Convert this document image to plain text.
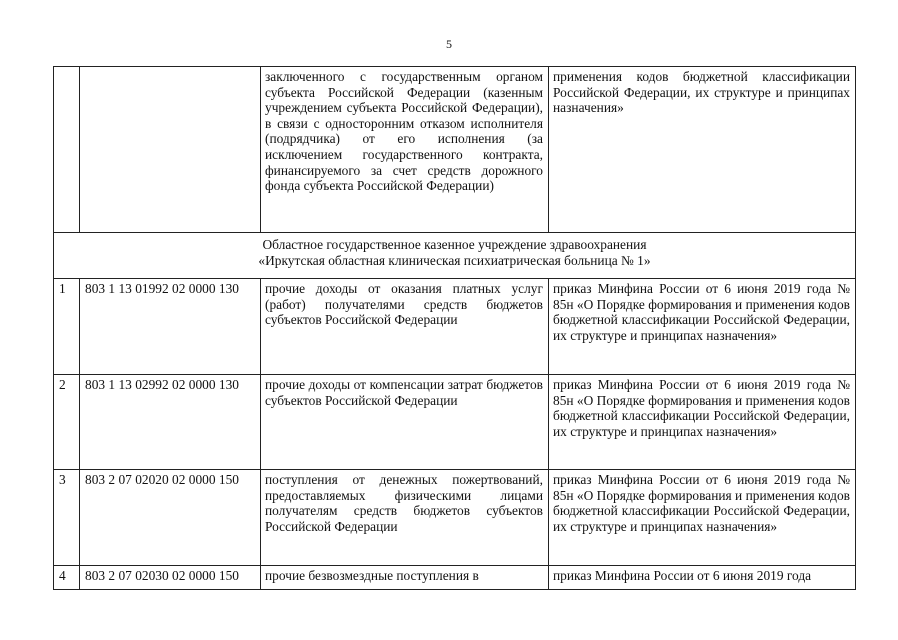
5
		заключенного с государственным органом субъекта Российской Федерации (казенным учреждением субъекта Российской Федерации), в связи с односторонним отказом исполнителя (подрядчика) от его исполнения (за исключением государственного контракта, финансируемого за счет средств дорожного фонда субъекта Российской Федерации)	применения кодов бюджетной классификации Российской Федерации, их структуре и принципах назначения»

Областное государственное казенное учреждение здравоохранения
«Иркутская областная клиническая психиатрическая больница № 1»			

1	803 1 13 01992 02 0000 130	прочие доходы от оказания платных услуг (работ) получателями средств бюджетов субъектов Российской Федерации	приказ Минфина России от 6 июня 2019 года № 85н «О Порядке формирования и применения кодов бюджетной классификации Российской Федерации, их структуре и принципах назначения»
2	803 1 13 02992 02 0000 130	прочие доходы от компенсации затрат бюджетов субъектов Российской Федерации	приказ Минфина России от 6 июня 2019 года № 85н «О Порядке формирования и применения кодов бюджетной классификации Российской Федерации, их структуре и принципах назначения»
3	803 2 07 02020 02 0000 150	поступления от денежных пожертвований, предоставляемых физическими лицами получателям средств бюджетов субъектов Российской Федерации	приказ Минфина России от 6 июня 2019 года № 85н «О Порядке формирования и применения кодов бюджетной классификации Российской Федерации, их структуре и принципах назначения»
4	803 2 07 02030 02 0000 150	прочие безвозмездные поступления в	приказ Минфина России от 6 июня 2019 года
